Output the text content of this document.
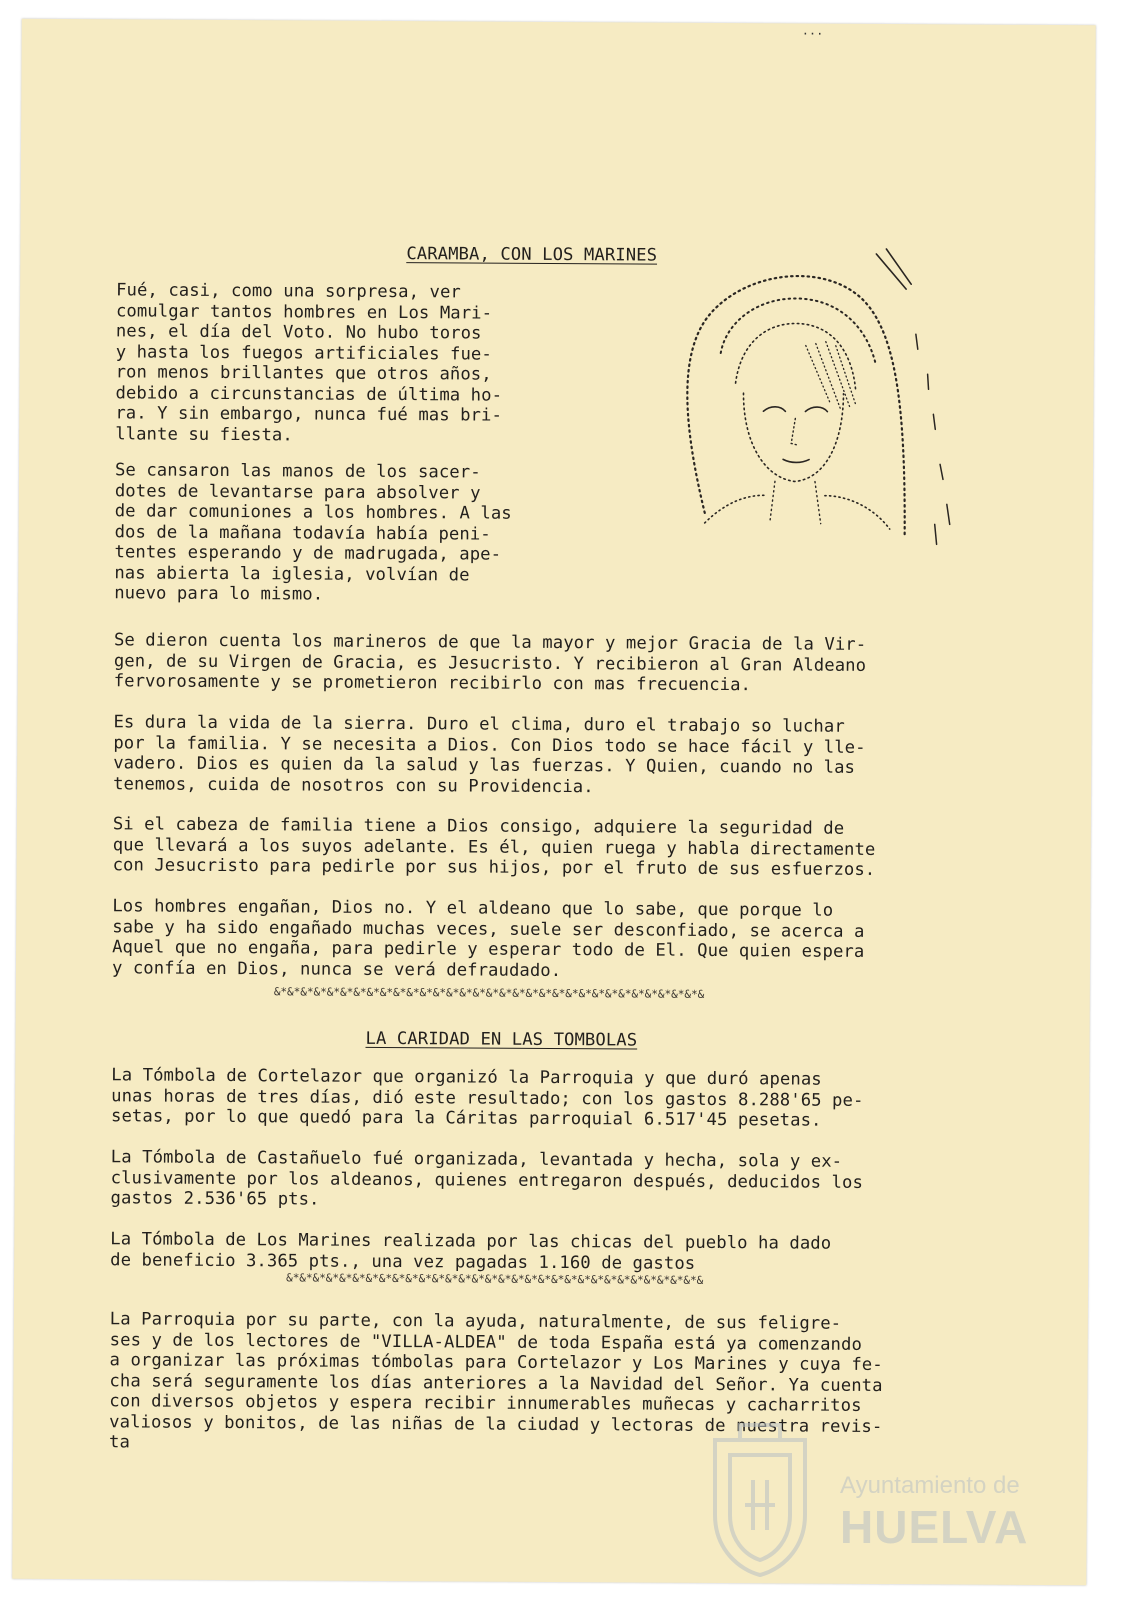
...

CARAMBA, CON LOS MARINES

Fué, casi, como una sorpresa, ver
comulgar tantos hombres en Los Mari-
nes, el día del Voto. No hubo toros
y hasta los fuegos artificiales fue-
ron menos brillantes que otros años,
debido a circunstancias de última ho-
ra. Y sin embargo, nunca fué mas bri-
llante su fiesta.

Se cansaron las manos de los sacer-
dotes de levantarse para absolver y
de dar comuniones a los hombres. A las
dos de la mañana todavía había peni-
tentes esperando y de madrugada, ape-
nas abierta la iglesia, volvían de
nuevo para lo mismo.

Se dieron cuenta los marineros de que la mayor y mejor Gracia de la Vir-
gen, de su Virgen de Gracia, es Jesucristo. Y recibieron al Gran Aldeano
fervorosamente y se prometieron recibirlo con mas frecuencia.

Es dura la vida de la sierra. Duro el clima, duro el trabajo so luchar
por la familia. Y se necesita a Dios. Con Dios todo se hace fácil y lle-
vadero. Dios es quien da la salud y las fuerzas. Y Quien, cuando no las
tenemos, cuida de nosotros con su Providencia.

Si el cabeza de familia tiene a Dios consigo, adquiere la seguridad de
que llevará a los suyos adelante. Es él, quien ruega y habla directamente
con Jesucristo para pedirle por sus hijos, por el fruto de sus esfuerzos.

Los hombres engañan, Dios no. Y el aldeano que lo sabe, que porque lo
sabe y ha sido engañado muchas veces, suele ser desconfiado, se acerca a
Aquel que no engaña, para pedirle y esperar todo de El. Que quien espera
y confía en Dios, nunca se verá defraudado.

&*&*&*&*&*&*&*&*&*&*&*&*&*&*&*&*&*&*&*&*&*&*&*&*&*&*&*&*&*&*&*&*&

LA CARIDAD EN LAS TOMBOLAS

La Tómbola de Cortelazor que organizó la Parroquia y que duró apenas
unas horas de tres días, dió este resultado; con los gastos 8.288'65 pe-
setas, por lo que quedó para la Cáritas parroquial 6.517'45 pesetas.

La Tómbola de Castañuelo fué organizada, levantada y hecha, sola y ex-
clusivamente por los aldeanos, quienes entregaron después, deducidos los
gastos 2.536'65 pts.

La Tómbola de Los Marines realizada por las chicas del pueblo ha dado
de beneficio 3.365 pts., una vez pagadas 1.160 de gastos

&*&*&*&*&*&*&*&*&*&*&*&*&*&*&*&*&*&*&*&*&*&*&*&*&*&*&*&*&*&*&*&

La Parroquia por su parte, con la ayuda, naturalmente, de sus feligre-
ses y de los lectores de "VILLA-ALDEA" de toda España está ya comenzando
a organizar las próximas tómbolas para Cortelazor y Los Marines y cuya fe-
cha será seguramente los días anteriores a la Navidad del Señor. Ya cuenta
con diversos objetos y espera recibir innumerables muñecas y cacharritos
valiosos y bonitos, de las niñas de la ciudad y lectoras de nuestra revis-
ta

Ayuntamiento de

HUELVA
